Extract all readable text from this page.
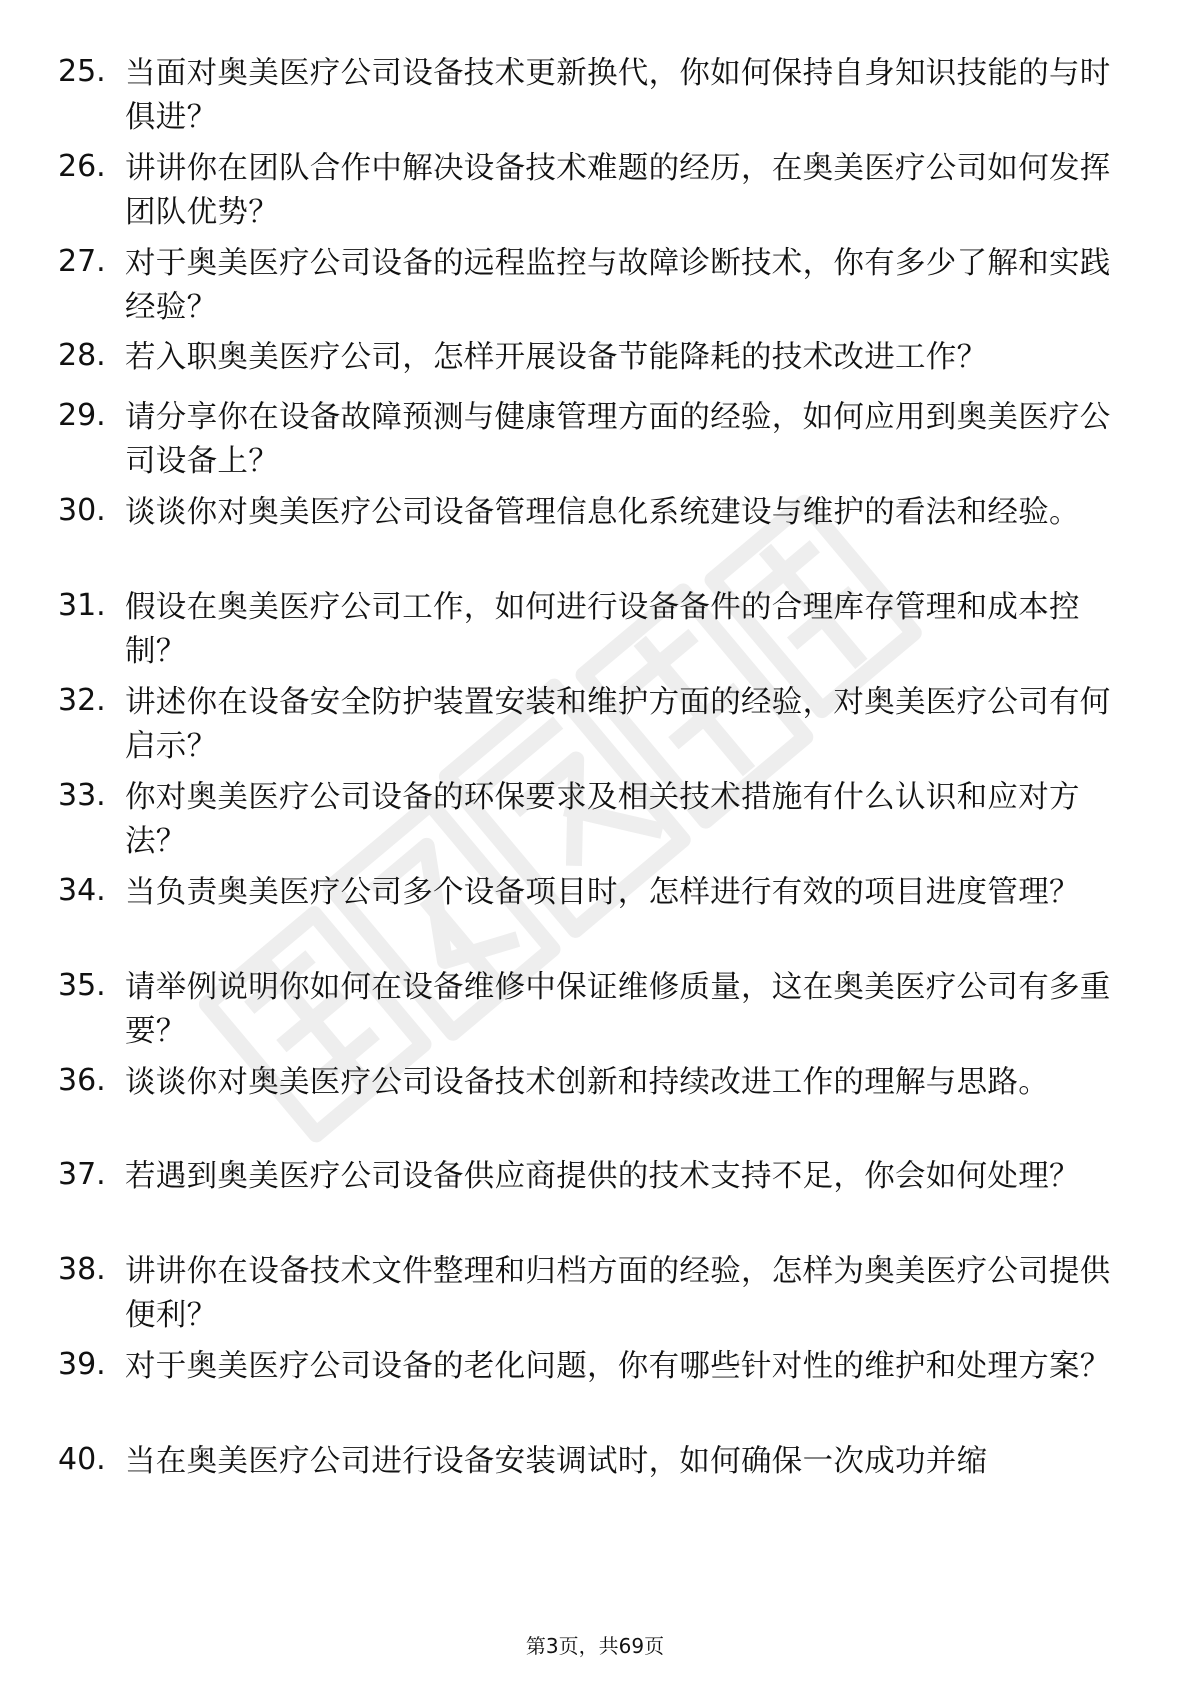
25. 当面对奥美医疗公司设备技术更新换代，你如何保持自身知识技能的与时俱进？
26. 讲讲你在团队合作中解决设备技术难题的经历，在奥美医疗公司如何发挥团队优势？
27. 对于奥美医疗公司设备的远程监控与故障诊断技术，你有多少了解和实践经验？
28. 若入职奥美医疗公司，怎样开展设备节能降耗的技术改进工作？
29. 请分享你在设备故障预测与健康管理方面的经验，如何应用到奥美医疗公司设备上？
30. 谈谈你对奥美医疗公司设备管理信息化系统建设与维护的看法和经验。
31. 假设在奥美医疗公司工作，如何进行设备备件的合理库存管理和成本控制？
32. 讲述你在设备安全防护装置安装和维护方面的经验，对奥美医疗公司有何启示？
33. 你对奥美医疗公司设备的环保要求及相关技术措施有什么认识和应对方法？
34. 当负责奥美医疗公司多个设备项目时，怎样进行有效的项目进度管理？
35. 请举例说明你如何在设备维修中保证维修质量，这在奥美医疗公司有多重要？
36. 谈谈你对奥美医疗公司设备技术创新和持续改进工作的理解与思路。
37. 若遇到奥美医疗公司设备供应商提供的技术支持不足，你会如何处理？
38. 讲讲你在设备技术文件整理和归档方面的经验，怎样为奥美医疗公司提供便利？
39. 对于奥美医疗公司设备的老化问题，你有哪些针对性的维护和处理方案？
40. 当在奥美医疗公司进行设备安装调试时，如何确保一次成功并缩
第3页，共69页
